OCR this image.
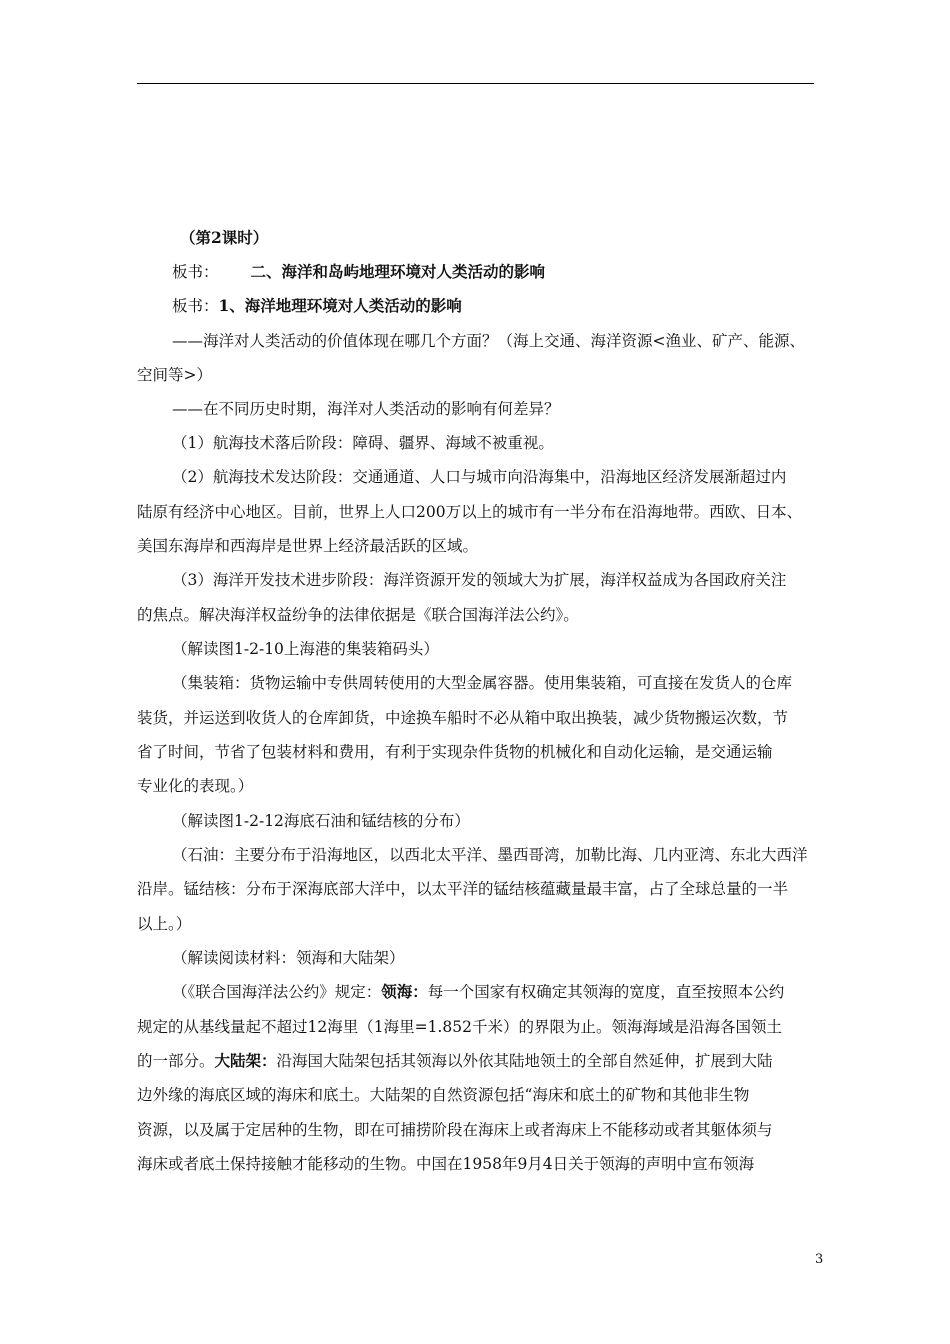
（第2课时）
板书： 二、海洋和岛屿地理环境对人类活动的影响
板书：1、海洋地理环境对人类活动的影响
——海洋对人类活动的价值体现在哪几个方面？（海上交通、海洋资源<渔业、矿产、能源、
空间等>）
——在不同历史时期，海洋对人类活动的影响有何差异？
（1）航海技术落后阶段：障碍、疆界、海域不被重视。
（2）航海技术发达阶段：交通通道、人口与城市向沿海集中，沿海地区经济发展渐超过内
陆原有经济中心地区。目前，世界上人口200万以上的城市有一半分布在沿海地带。西欧、日本、
美国东海岸和西海岸是世界上经济最活跃的区域。
（3）海洋开发技术进步阶段：海洋资源开发的领域大为扩展，海洋权益成为各国政府关注
的焦点。解决海洋权益纷争的法律依据是《联合国海洋法公约》。
（解读图1-2-10上海港的集装箱码头）
（集装箱：货物运输中专供周转使用的大型金属容器。使用集装箱，可直接在发货人的仓库
装货，并运送到收货人的仓库卸货，中途换车船时不必从箱中取出换装，减少货物搬运次数，节
省了时间，节省了包装材料和费用，有利于实现杂件货物的机械化和自动化运输，是交通运输
专业化的表现。）
（解读图1-2-12海底石油和锰结核的分布）
（石油：主要分布于沿海地区，以西北太平洋、墨西哥湾，加勒比海、几内亚湾、东北大西洋
沿岸。锰结核：分布于深海底部大洋中，以太平洋的锰结核蕴藏量最丰富，占了全球总量的一半
以上。）
（解读阅读材料：领海和大陆架）
（《联合国海洋法公约》规定：领海：每一个国家有权确定其领海的宽度，直至按照本公约
规定的从基线量起不超过12海里（1海里=1.852千米）的界限为止。领海海域是沿海各国领土
的一部分。大陆架：沿海国大陆架包括其领海以外依其陆地领土的全部自然延伸，扩展到大陆
边外缘的海底区域的海床和底土。大陆架的自然资源包括“海床和底土的矿物和其他非生物
资源，以及属于定居种的生物，即在可捕捞阶段在海床上或者海床上不能移动或者其躯体须与
海床或者底土保持接触才能移动的生物。中国在1958年9月4日关于领海的声明中宣布领海
3
